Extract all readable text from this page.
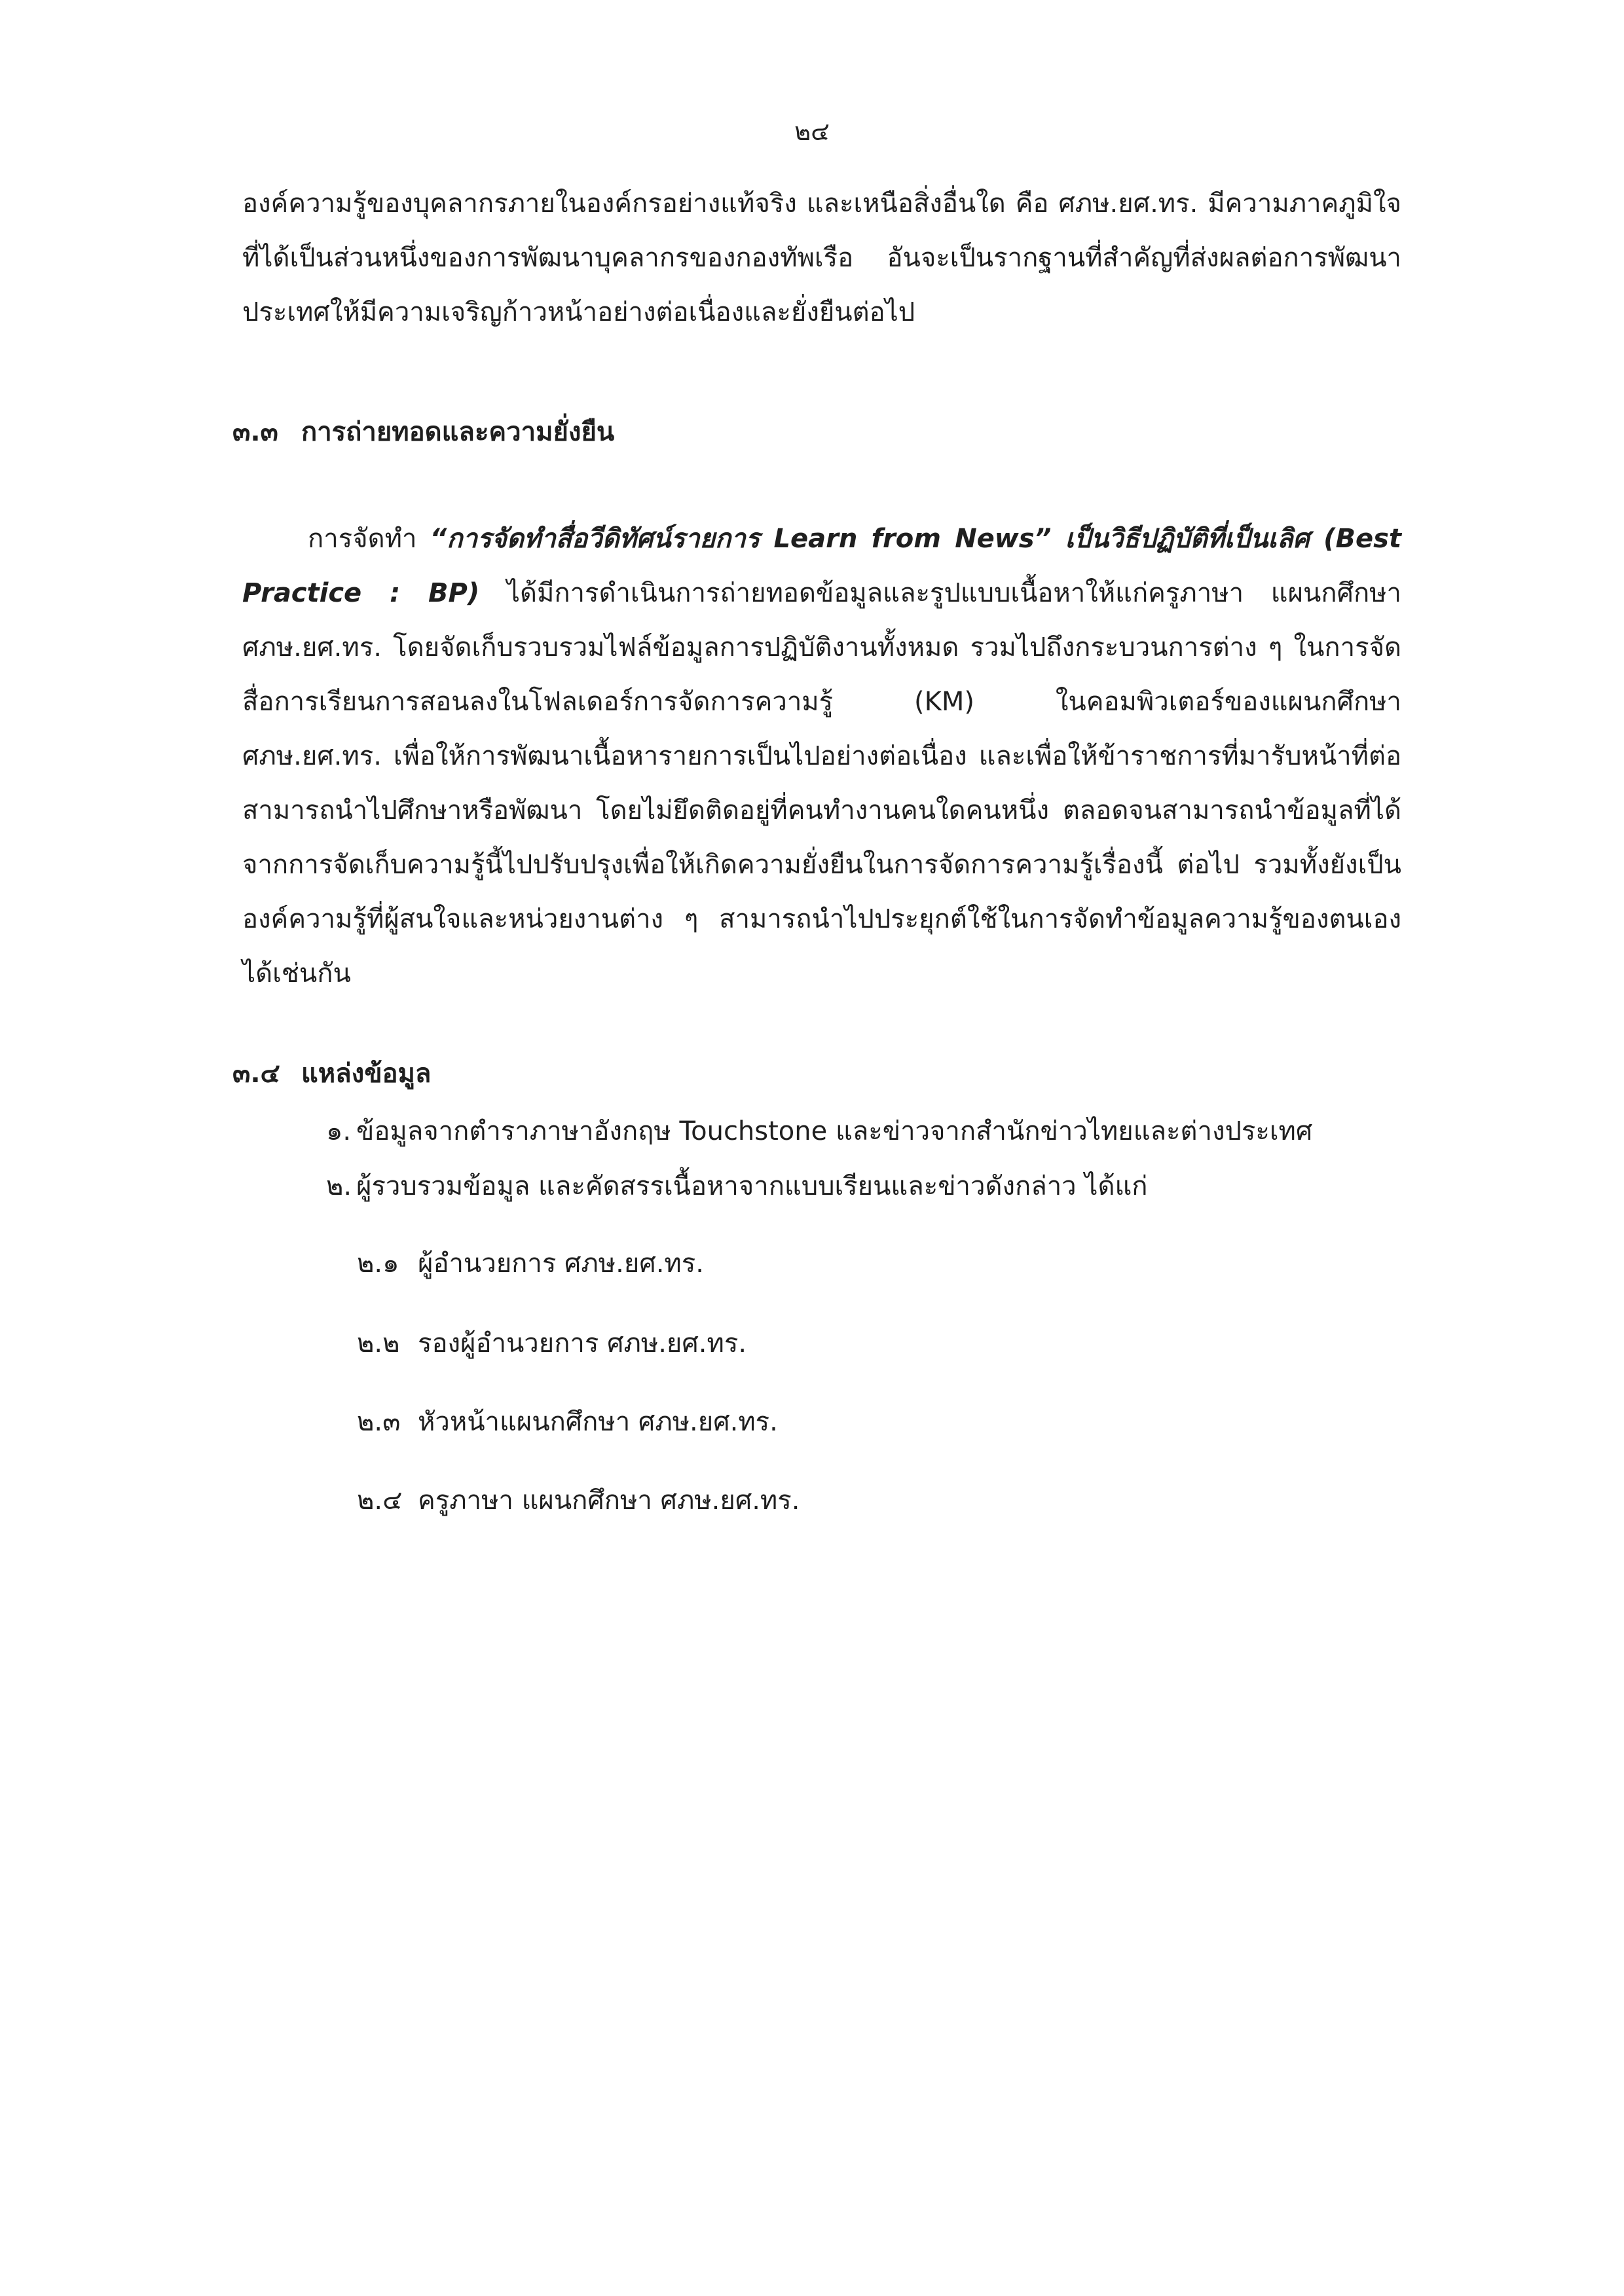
๒๔

องค์ความรู้ของบุคลากรภายในองค์กรอย่างแท้จริง และเหนือสิ่งอื่นใด คือ ศภษ.ยศ.ทร. มีความภาคภูมิใจที่ได้เป็นส่วนหนึ่งของการพัฒนาบุคลากรของกองทัพเรือ อันจะเป็นรากฐานที่สำคัญที่ส่งผลต่อการพัฒนาประเทศให้มีความเจริญก้าวหน้าอย่างต่อเนื่องและยั่งยืนต่อไป

๓.๓ การถ่ายทอดและความยั่งยืน

การจัดทำ “การจัดทำสื่อวีดิทัศน์รายการ Learn from News” เป็นวิธีปฏิบัติที่เป็นเลิศ (Best Practice : BP) ได้มีการดำเนินการถ่ายทอดข้อมูลและรูปแบบเนื้อหาให้แก่ครูภาษา แผนกศึกษา ศภษ.ยศ.ทร. โดยจัดเก็บรวบรวมไฟล์ข้อมูลการปฏิบัติงานทั้งหมด รวมไปถึงกระบวนการต่าง ๆ ในการจัดสื่อการเรียนการสอนลงในโฟลเดอร์การจัดการความรู้ (KM) ในคอมพิวเตอร์ของแผนกศึกษา ศภษ.ยศ.ทร. เพื่อให้การพัฒนาเนื้อหารายการเป็นไปอย่างต่อเนื่อง และเพื่อให้ข้าราชการที่มารับหน้าที่ต่อสามารถนำไปศึกษาหรือพัฒนา โดยไม่ยึดติดอยู่ที่คนทำงานคนใดคนหนึ่ง ตลอดจนสามารถนำข้อมูลที่ได้จากการจัดเก็บความรู้นี้ไปปรับปรุงเพื่อให้เกิดความยั่งยืนในการจัดการความรู้เรื่องนี้ ต่อไป รวมทั้งยังเป็นองค์ความรู้ที่ผู้สนใจและหน่วยงานต่าง ๆ สามารถนำไปประยุกต์ใช้ในการจัดทำข้อมูลความรู้ของตนเองได้เช่นกัน

๓.๔ แหล่งข้อมูล
๑. ข้อมูลจากตำราภาษาอังกฤษ Touchstone และข่าวจากสำนักข่าวไทยและต่างประเทศ
๒. ผู้รวบรวมข้อมูล และคัดสรรเนื้อหาจากแบบเรียนและข่าวดังกล่าว ได้แก่
๒.๑ ผู้อำนวยการ ศภษ.ยศ.ทร.
๒.๒ รองผู้อำนวยการ ศภษ.ยศ.ทร.
๒.๓ หัวหน้าแผนกศึกษา ศภษ.ยศ.ทร.
๒.๔ ครูภาษา แผนกศึกษา ศภษ.ยศ.ทร.
